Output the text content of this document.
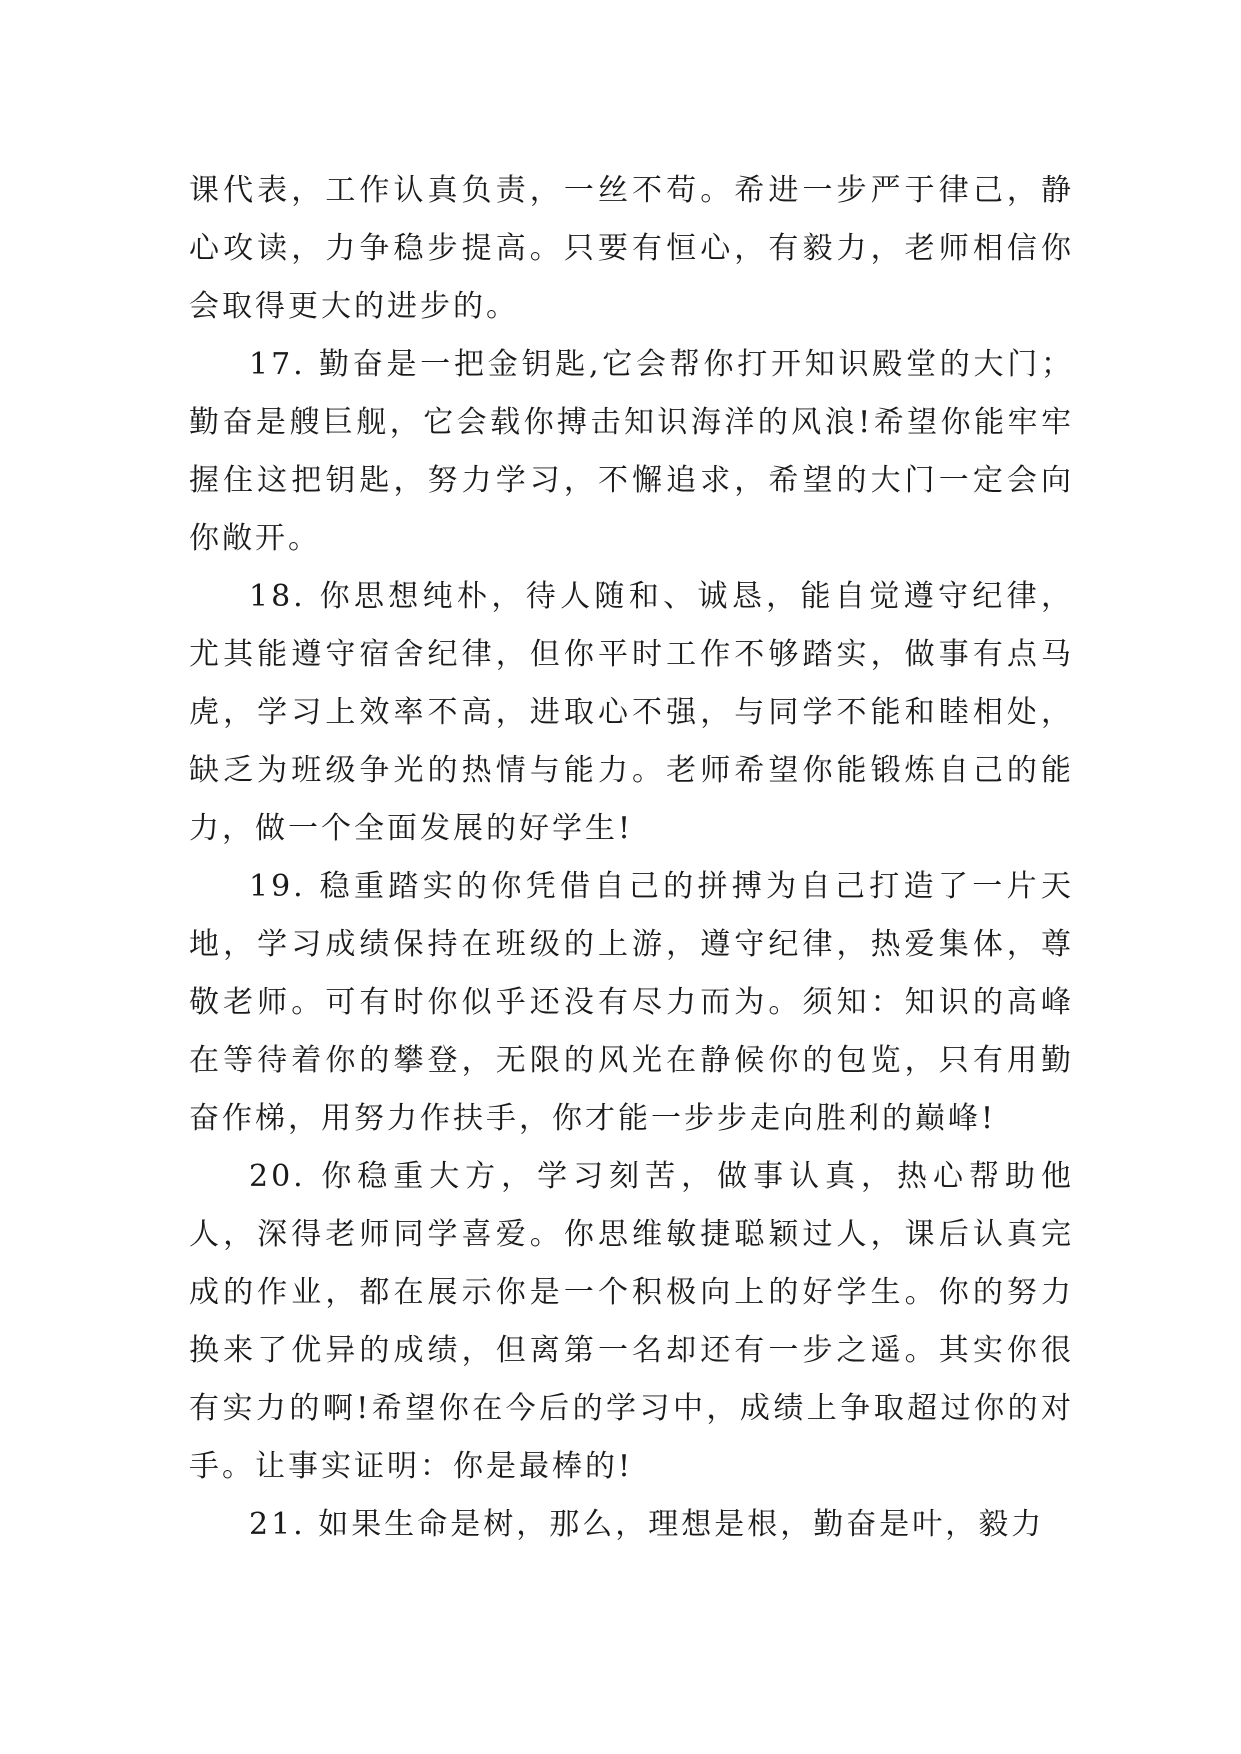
课代表，工作认真负责，一丝不苟。希进一步严于律己，静心攻读，力争稳步提高。只要有恒心，有毅力，老师相信你会取得更大的进步的。

17. 勤奋是一把金钥匙,它会帮你打开知识殿堂的大门；勤奋是艘巨舰，它会载你搏击知识海洋的风浪!希望你能牢牢握住这把钥匙，努力学习，不懈追求，希望的大门一定会向你敞开。

18. 你思想纯朴，待人随和、诚恳，能自觉遵守纪律，尤其能遵守宿舍纪律，但你平时工作不够踏实，做事有点马虎，学习上效率不高，进取心不强，与同学不能和睦相处，缺乏为班级争光的热情与能力。老师希望你能锻炼自己的能力，做一个全面发展的好学生!

19. 稳重踏实的你凭借自己的拼搏为自己打造了一片天地，学习成绩保持在班级的上游，遵守纪律，热爱集体，尊敬老师。可有时你似乎还没有尽力而为。须知：知识的高峰在等待着你的攀登，无限的风光在静候你的包览，只有用勤奋作梯，用努力作扶手，你才能一步步走向胜利的巅峰!

20. 你稳重大方，学习刻苦，做事认真，热心帮助他人，深得老师同学喜爱。你思维敏捷聪颖过人，课后认真完成的作业，都在展示你是一个积极向上的好学生。你的努力换来了优异的成绩，但离第一名却还有一步之遥。其实你很有实力的啊!希望你在今后的学习中，成绩上争取超过你的对手。让事实证明：你是最棒的!

21. 如果生命是树，那么，理想是根，勤奋是叶，毅力
